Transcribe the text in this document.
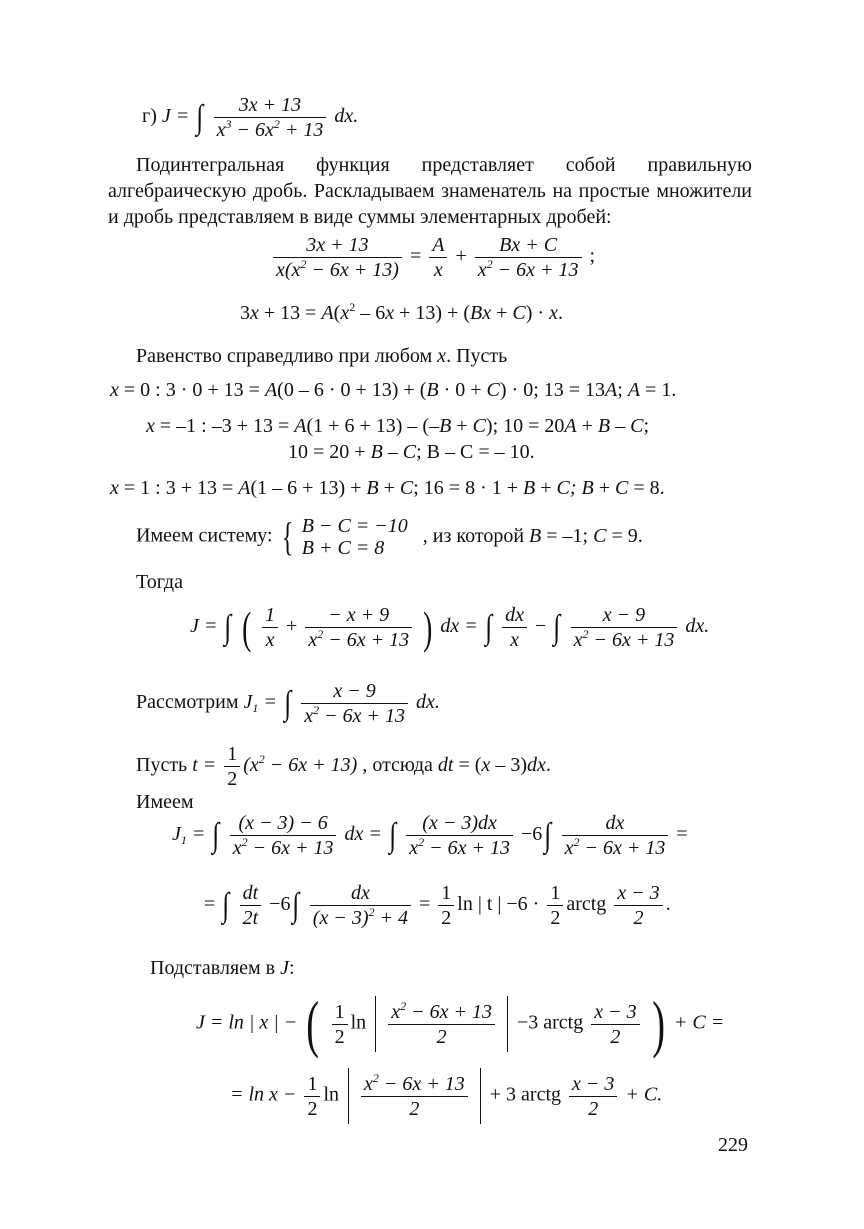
г) J = ∫ $\frac{3x + 13}{x^3 - 6x^2 + 13}$ dx.
Подинтегральная функция представляет собой правильную алгебраическую дробь. Раскладываем знаменатель на простые множители и дробь представляем в виде суммы элементарных дробей:
$\frac{3x + 13}{x(x^2 - 6x + 13)} = \frac{A}{x} + \frac{Bx + C}{x^2 - 6x + 13}$ ;
$3x + 13 = A(x^2 - 6x + 13) + (Bx + C) \cdot x$.
Равенство справедливо при любом x. Пусть
x = 0 : 3 · 0 + 13 = A(0 – 6 · 0 + 13) + (B · 0 + C) · 0; 13 = 13A; A = 1.
x = –1 : –3 + 13 = A(1 + 6 + 13) – (–B + C); 10 = 20A + B – C;
10 = 20 + B – C; B – C = – 10.
x = 1 : 3 + 13 = A(1 – 6 + 13) + B + C; 16 = 8 · 1 + B + C; B + C = 8.
Имеем систему: { B − C = −10
B + C = 8
, из которой B = –1; C = 9.
Тогда
J = ∫ ( $\frac{1}{x} + \frac{- x + 9}{x^2 - 6x + 13}$ ) dx = ∫ $\frac{dx}{x}$ − ∫ $\frac{x - 9}{x^2 - 6x + 13}$ dx.
Рассмотрим $J_1$ = ∫ $\frac{x - 9}{x^2 - 6x + 13}$ dx.
Пусть $t = \frac{1}{2} (x^2 - 6x + 13)$ , отсюда dt = (x – 3)dx.
Имеем
$J_1$ = ∫ $\frac{(x - 3) - 6}{x^2 - 6x + 13}$ dx = ∫ $\frac{(x - 3)dx}{x^2 - 6x + 13} -6\int \frac{dx}{x^2 - 6x + 13}$ =
= ∫ $\frac{dt}{2t} -6\int \frac{dx}{(x - 3)^2 + 4} = \frac{1}{2}$ ln | t | $-6 \cdot \frac{1}{2}$ arctg $\frac{x - 3}{2}$ .
Подставляем в J:
J = ln | x | − ( $\frac{1}{2}$ $\ln \frac{x^2 - 6x + 13}{2} -3$ arctg $\frac{x - 3}{2}$ ) + C =
= $\ln x - \frac{1}{2}$ $\ln \frac{x^2 - 6x + 13}{2} + 3$ arctg $\frac{x - 3}{2} + C$.
229
